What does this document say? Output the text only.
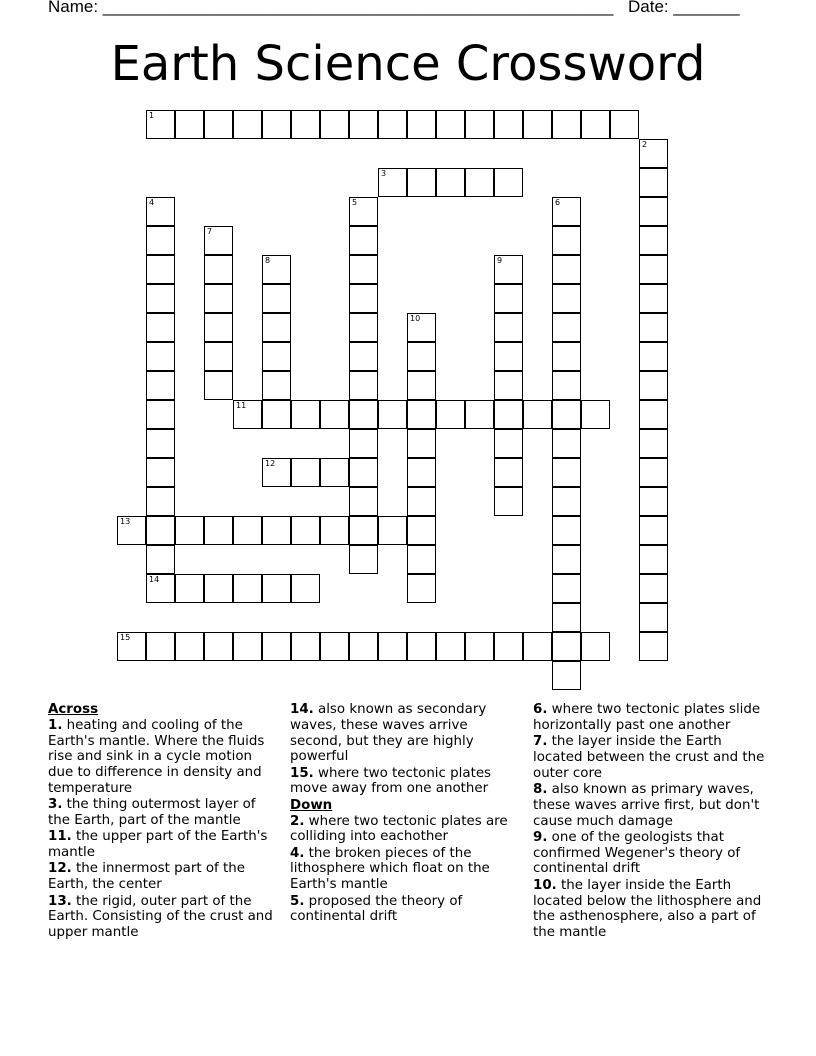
Name: ______________________________________________________ Date: _______
Earth Science Crossword
1
2
3
4
14
5	6
7
8	9
10
11
12
13
15
Across

1. heating and cooling of the Earth's mantle. Where the fluids rise and sink in a cycle motion due to difference in density and temperature

3. the thing outermost layer of the Earth, part of the mantle

11. the upper part of the Earth's mantle

12. the innermost part of the Earth, the center

13. the rigid, outer part of the Earth. Consisting of the crust and upper mantle

14. also known as secondary waves, these waves arrive second, but they are highly powerful

15. where two tectonic plates move away from one another

Down

2. where two tectonic plates are colliding into eachother

4. the broken pieces of the lithosphere which float on the Earth's mantle

5. proposed the theory of continental drift

6. where two tectonic plates slide horizontally past one another

7. the layer inside the Earth located between the crust and the outer core

8. also known as primary waves, these waves arrive first, but don't cause much damage

9. one of the geologists that confirmed Wegener's theory of continental drift

10. the layer inside the Earth located below the lithosphere and the asthenosphere, also a part of the mantle
